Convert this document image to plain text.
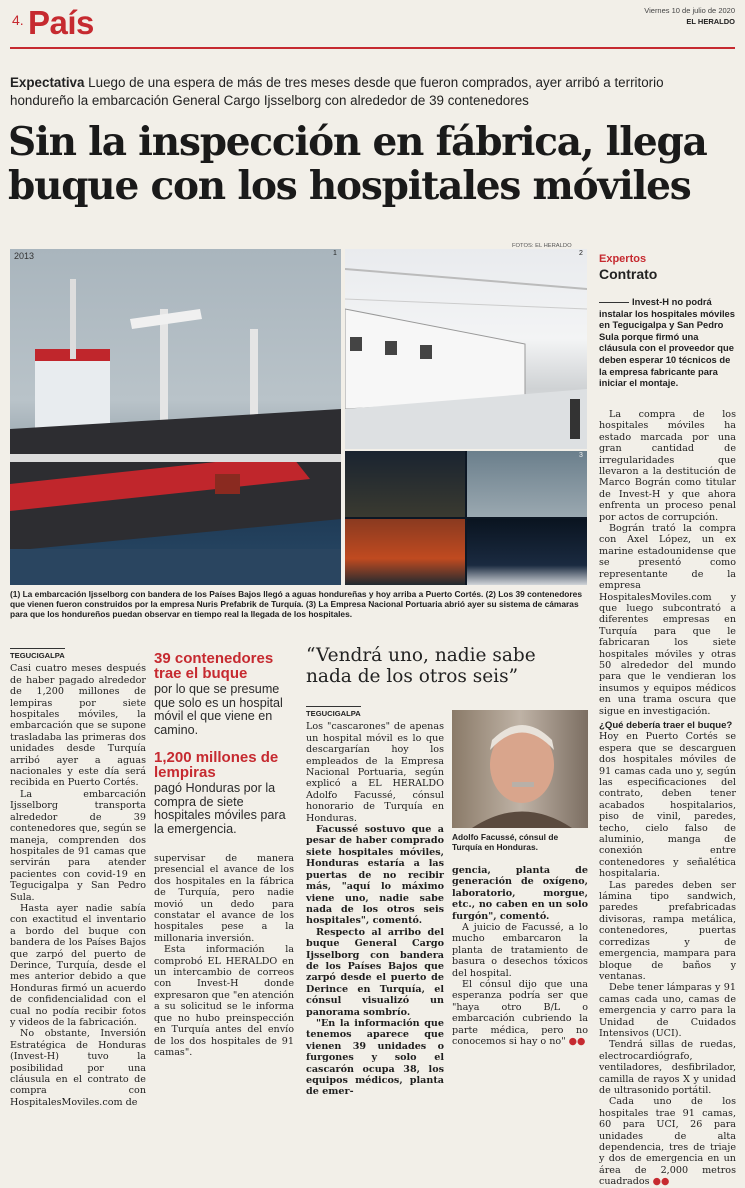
4. País	Viernes 10 de julio de 2020
EL HERALDO
Expectativa Luego de una espera de más de tres meses desde que fueron comprados, ayer arribó a territorio hondureño la embarcación General Cargo Ijsselborg con alrededor de 39 contenedores
Sin la inspección en fábrica, llega
buque con los hospitales móviles
2013	1
FOTOS: EL HERALDO
2
3
(1) La embarcación Ijsselborg con bandera de los Países Bajos llegó a aguas hondureñas y hoy arriba a Puerto Cortés. (2) Los 39 contenedores que vienen fueron construidos por la empresa Nuris Prefabrik de Turquía. (3) La Empresa Nacional Portuaria abrió ayer su sistema de cámaras para que los hondureños puedan observar en tiempo real la llegada de los hospitales.
Expertos
Contrato
Invest-H no podrá instalar los hospitales móviles en Tegucigalpa y San Pedro Sula porque firmó una cláusula con el proveedor que deben esperar 10 técnicos de la empresa fabricante para iniciar el montaje.

La compra de los hospitales móviles ha estado marcada por una gran cantidad de irregularidades que llevaron a la destitución de Marco Bográn como titular de Invest-H y que ahora enfrenta un proceso penal por actos de corrupción.

Bográn trató la compra con Axel López, un ex marine estadounidense que se presentó como representante de la empresa HospitalesMoviles.com y que luego subcontrató a diferentes empresas en Turquía para que le fabricaran los siete hospitales móviles y otras 50 alrededor del mundo para que le vendieran los insumos y equipos médicos en una trama oscura que sigue en investigación.

¿Qué debería traer el buque?

Hoy en Puerto Cortés se espera que se descarguen dos hospitales móviles de 91 camas cada uno y, según las especificaciones del contrato, deben tener acabados hospitalarios, piso de vinil, paredes, techo, cielo falso de aluminio, manga de conexión entre contenedores y señalética hospitalaria.

Las paredes deben ser lámina tipo sandwich, paredes prefabricadas divisoras, rampa metálica, contenedores, puertas corredizas y de emergencia, mampara para bloque de baños y ventanas.

Debe tener lámparas y 91 camas cada uno, camas de emergencia y carro para la Unidad de Cuidados Intensivos (UCI).

Tendrá sillas de ruedas, electrocardiógrafo, ventiladores, desfibrilador, camilla de rayos X y unidad de ultrasonido portátil.

Cada uno de los hospitales trae 91 camas, 60 para UCI, 26 para unidades de alta dependencia, tres de triaje y dos de emergencia en un área de 2,000 metros cuadrados ●●

TEGUCIGALPA

Casi cuatro meses después de haber pagado alrededor de 1,200 millones de lempiras por siete hospitales móviles, la embarcación que se supone trasladaba las primeras dos unidades desde Turquía arribó ayer a aguas nacionales y este día será recibida en Puerto Cortés.

La embarcación Ijsselborg transporta alrededor de 39 contenedores que, según se maneja, comprenden dos hospitales de 91 camas que servirán para atender pacientes con covid-19 en Tegucigalpa y San Pedro Sula.

Hasta ayer nadie sabía con exactitud el inventario a bordo del buque con bandera de los Países Bajos que zarpó del puerto de Derince, Turquía, desde el mes anterior debido a que Honduras firmó un acuerdo de confidencialidad con el cual no podía recibir fotos y videos de la fabricación.

No obstante, Inversión Estratégica de Honduras (Invest-H) tuvo la posibilidad por una cláusula en el contrato de compra con HospitalesMoviles.com de

39 contenedores trae el buque
por lo que se presume que solo es un hospital móvil el que viene en camino.
1,200 millones de lempiras
pagó Honduras por la compra de siete hospitales móviles para la emergencia.

supervisar de manera presencial el avance de los dos hospitales en la fábrica de Turquía, pero nadie movió un dedo para constatar el avance de los hospitales pese a la millonaria inversión.

Esta información la comprobó EL HERALDO en un intercambio de correos con Invest-H donde expresaron que "en atención a su solicitud se le informa que no hubo preinspección en Turquía antes del envío de los dos hospitales de 91 camas".

“Vendrá uno, nadie sabe nada de los otros seis”
TEGUCIGALPA

Los "cascarones" de apenas un hospital móvil es lo que descargarían hoy los empleados de la Empresa Nacional Portuaria, según explicó a EL HERALDO Adolfo Facussé, cónsul honorario de Turquía en Honduras.

Facussé sostuvo que a pesar de haber comprado siete hospitales móviles, Honduras estaría a las puertas de no recibir más, "aquí lo máximo viene uno, nadie sabe nada de los otros seis hospitales", comentó.

Respecto al arribo del buque General Cargo Ijsselborg con bandera de los Países Bajos que zarpó desde el puerto de Derince en Turquía, el cónsul visualizó un panorama sombrío.

"En la información que tenemos aparece que vienen 39 unidades o furgones y solo el cascarón ocupa 38, los equipos médicos, planta de emer-

Adolfo Facussé, cónsul de Turquía en Honduras.

gencia, planta de generación de oxígeno, laboratorio, morgue, etc., no caben en un solo furgón", comentó.

A juicio de Facussé, a lo mucho embarcaron la planta de tratamiento de basura o desechos tóxicos del hospital.

El cónsul dijo que una esperanza podría ser que "haya otro B/L o embarcación cubriendo la parte médica, pero no conocemos si hay o no" ●●
